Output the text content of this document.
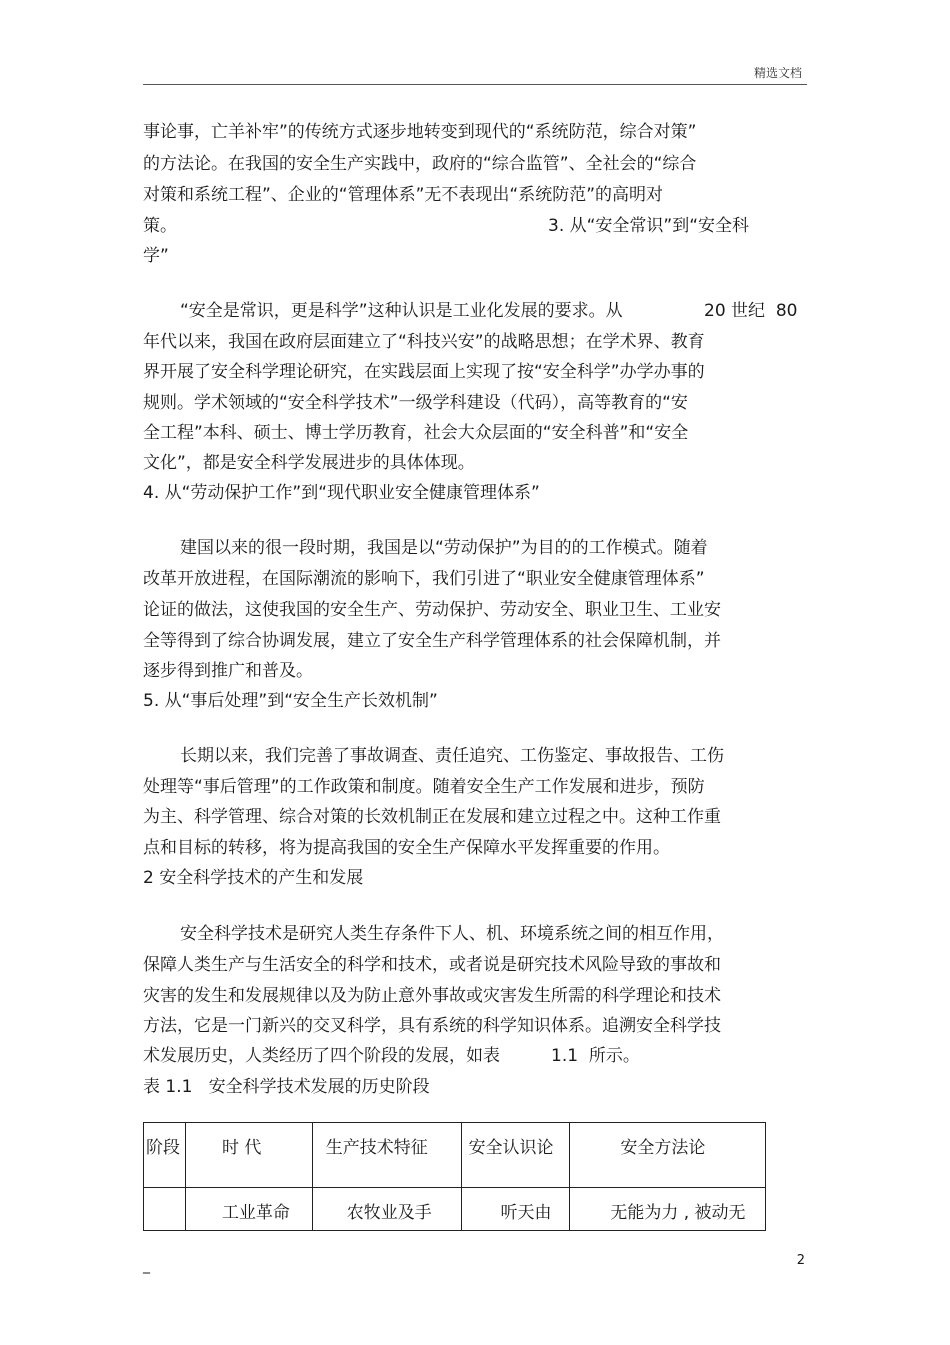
精选文档
事论事，亡羊补牢”的传统方式逐步地转变到现代的“系统防范，综合对策”
的方法论。在我国的安全生产实践中，政府的“综合监管”、全社会的“综合
对策和系统工程”、企业的“管理体系”无不表现出“系统防范”的高明对
策。	3. 从“安全常识”到“安全科
学”
“安全是常识，更是科学”这种认识是工业化发展的要求。从	20 世纪  80
年代以来，我国在政府层面建立了“科技兴安”的战略思想；在学术界、教育
界开展了安全科学理论研究，在实践层面上实现了按“安全科学”办学办事的
规则。学术领域的“安全科学技术”一级学科建设（代码），高等教育的“安
全工程”本科、硕士、博士学历教育，社会大众层面的“安全科普”和“安全
文化”，都是安全科学发展进步的具体体现。
4. 从“劳动保护工作”到“现代职业安全健康管理体系”
建国以来的很一段时期，我国是以“劳动保护”为目的的工作模式。随着
改革开放进程，在国际潮流的影响下，我们引进了“职业安全健康管理体系”
论证的做法，这使我国的安全生产、劳动保护、劳动安全、职业卫生、工业安
全等得到了综合协调发展，建立了安全生产科学管理体系的社会保障机制，并
逐步得到推广和普及。
5. 从“事后处理”到“安全生产长效机制”
长期以来，我们完善了事故调查、责任追究、工伤鉴定、事故报告、工伤
处理等“事后管理”的工作政策和制度。随着安全生产工作发展和进步，预防
为主、科学管理、综合对策的长效机制正在发展和建立过程之中。这种工作重
点和目标的转移，将为提高我国的安全生产保障水平发挥重要的作用。
2 安全科学技术的产生和发展
安全科学技术是研究人类生存条件下人、机、环境系统之间的相互作用，
保障人类生产与生活安全的科学和技术，或者说是研究技术风险导致的事故和
灾害的发生和发展规律以及为防止意外事故或灾害发生所需的科学理论和技术
方法，它是一门新兴的交叉科学，具有系统的科学知识体系。追溯安全科学技
术发展历史，人类经历了四个阶段的发展，如表	1.1  所示。
表 1.1   安全科学技术发展的历史阶段
阶段	时 代	生产技术特征	安全认识论	安全方法论
	工业革命	农牧业及手	听天由	无能为力 , 被动无
_	2
